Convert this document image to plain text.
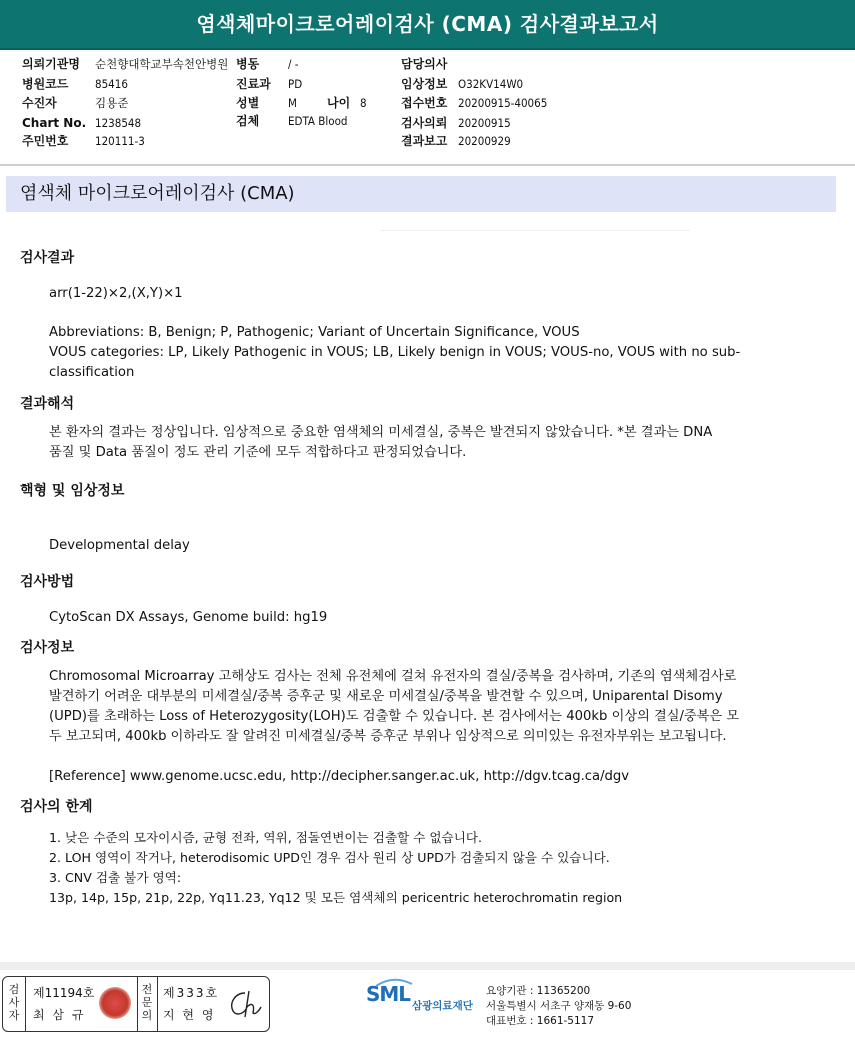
염색체마이크로어레이검사 (CMA) 검사결과보고서
의뢰기관명 순천향대학교부속천안병원 병동	/ -	담당의사
병원코드 85416	진료과 PD	임상정보 O32KV14W0
수진자	김용준	성별	M	나이 8	접수번호 20200915-40065
Chart No. 1238548	검체	EDTA Blood	검사의뢰 20200915
주민번호 120111-3	결과보고 20200929
염색체 마이크로어레이검사 (CMA)
검사결과
arr(1-22)×2,(X,Y)×1
Abbreviations: B, Benign; P, Pathogenic; Variant of Uncertain Significance, VOUS
VOUS categories: LP, Likely Pathogenic in VOUS; LB, Likely benign in VOUS; VOUS-no, VOUS with no sub-
classification
결과해석
본 환자의 결과는 정상입니다. 임상적으로 중요한 염색체의 미세결실, 중복은 발견되지 않았습니다. *본 결과는 DNA
품질 및 Data 품질이 정도 관리 기준에 모두 적합하다고 판정되었습니다.
핵형 및 임상정보
Developmental delay
검사방법
CytoScan DX Assays, Genome build: hg19
검사정보
Chromosomal Microarray 고해상도 검사는 전체 유전체에 걸쳐 유전자의 결실/중복을 검사하며, 기존의 염색체검사로
발견하기 어려운 대부분의 미세결실/중복 증후군 및 새로운 미세결실/중복을 발견할 수 있으며, Uniparental Disomy
(UPD)를 초래하는 Loss of Heterozygosity(LOH)도 검출할 수 있습니다. 본 검사에서는 400kb 이상의 결실/중복은 모
두 보고되며, 400kb 이하라도 잘 알려진 미세결실/중복 증후군 부위나 임상적으로 의미있는 유전자부위는 보고됩니다.
[Reference] www.genome.ucsc.edu, http://decipher.sanger.ac.uk, http://dgv.tcag.ca/dgv
검사의 한계
1. 낮은 수준의 모자이시즘, 균형 전좌, 역위, 점돌연변이는 검출할 수 없습니다.
2. LOH 영역이 작거나, heterodisomic UPD인 경우 검사 원리 상 UPD가 검출되지 않을 수 있습니다.
3. CNV 검출 불가 영역:
13p, 14p, 15p, 21p, 22p, Yq11.23, Yq12 및 모든 염색체의 pericentric heterochromatin region
검
사
자
제11194호
최 삼 규
전
문
의
제333호
지 현 영
SML 삼광의료재단
요양기관 : 11365200
서울특별시 서초구 양재동 9-60
대표번호 : 1661-5117
